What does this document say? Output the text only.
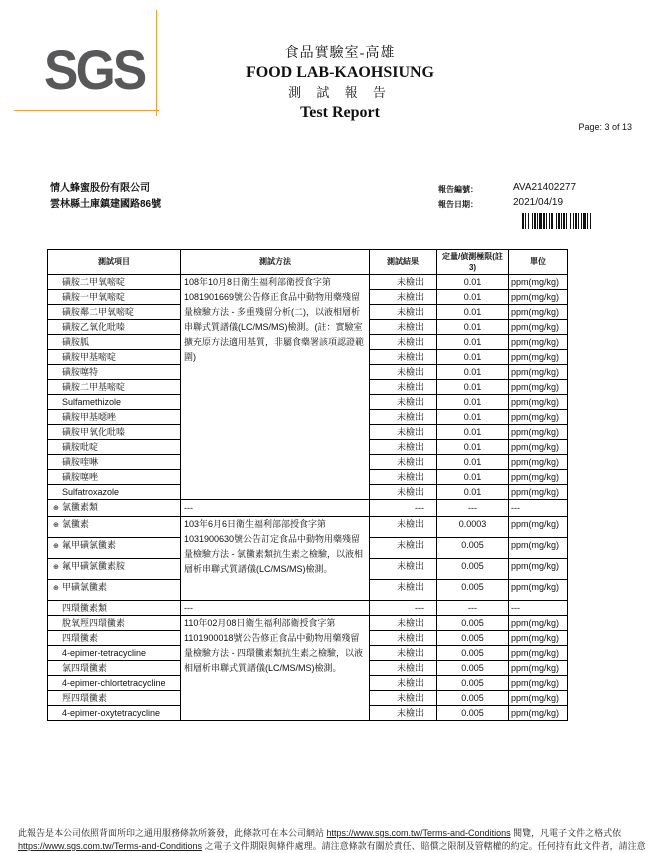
SGS	食品實驗室-高雄
FOOD LAB-KAOHSIUNG
測 試 報 告
Test Report
Page: 3 of 13
情人蜂蜜股份有限公司
雲林縣土庫鎮建國路86號
報告編號：	AVA21402277
報告日期：	2021/04/19
測試項目	測試方法	測試結果	定量/偵測極限(註3)	單位
磺胺二甲氧嘧啶	108年10月8日衛生福利部衛授食字第1081901669號公告修正食品中動物用藥殘留量檢驗方法 - 多重殘留分析(二)，以液相層析串聯式質譜儀(LC/MS/MS)檢測。(註：實驗室擴充原方法適用基質，非屬食藥署該項認證範圍)	未檢出	0.01	ppm(mg/kg)
磺胺一甲氧嘧啶		未檢出	0.01	ppm(mg/kg)
磺胺鄰二甲氧嘧啶		未檢出	0.01	ppm(mg/kg)
磺胺乙氧化吡嗪		未檢出	0.01	ppm(mg/kg)
磺胺胍		未檢出	0.01	ppm(mg/kg)
磺胺甲基嘧啶		未檢出	0.01	ppm(mg/kg)
磺胺噻特		未檢出	0.01	ppm(mg/kg)
磺胺二甲基嘧啶		未檢出	0.01	ppm(mg/kg)
Sulfamethizole		未檢出	0.01	ppm(mg/kg)
磺胺甲基噁唑		未檢出	0.01	ppm(mg/kg)
磺胺甲氧化吡嗪		未檢出	0.01	ppm(mg/kg)
磺胺吡啶		未檢出	0.01	ppm(mg/kg)
磺胺喹啉		未檢出	0.01	ppm(mg/kg)
磺胺噻唑		未檢出	0.01	ppm(mg/kg)
Sulfatroxazole		未檢出	0.01	ppm(mg/kg)
⊕ 氯黴素類	---	---	---	---
⊕ 氯黴素	103年6月6日衛生福利部部授食字第1031900630號公告訂定食品中動物用藥殘留量檢驗方法 - 氯黴素類抗生素之檢驗，以液相層析串聯式質譜儀(LC/MS/MS)檢測。	未檢出	0.0003	ppm(mg/kg)
⊕ 氟甲磺氯黴素		未檢出	0.005	ppm(mg/kg)
⊕ 氟甲磺氯黴素胺		未檢出	0.005	ppm(mg/kg)
⊕ 甲磺氯黴素		未檢出	0.005	ppm(mg/kg)
四環黴素類	---	---	---	---
脫氧羥四環黴素	110年02月08日衛生福利部衛授食字第1101900018號公告修正食品中動物用藥殘留量檢驗方法 - 四環黴素類抗生素之檢驗，以液相層析串聯式質譜儀(LC/MS/MS)檢測。	未檢出	0.005	ppm(mg/kg)
四環黴素		未檢出	0.005	ppm(mg/kg)
4-epimer-tetracycline		未檢出	0.005	ppm(mg/kg)
氯四環黴素		未檢出	0.005	ppm(mg/kg)
4-epimer-chlortetracycline		未檢出	0.005	ppm(mg/kg)
羥四環黴素		未檢出	0.005	ppm(mg/kg)
4-epimer-oxytetracycline		未檢出	0.005	ppm(mg/kg)
此報告是本公司依照背面所印之通用服務條款所簽發，此條款可在本公司網站 https://www.sgs.com.tw/Terms-and-Conditions 閱覽，凡電子文件之格式依
https://www.sgs.com.tw/Terms-and-Conditions 之電子文件期限與條件處理。請注意條款有關於責任、賠償之限制及管轄權的約定。任何持有此文件者，請注意
